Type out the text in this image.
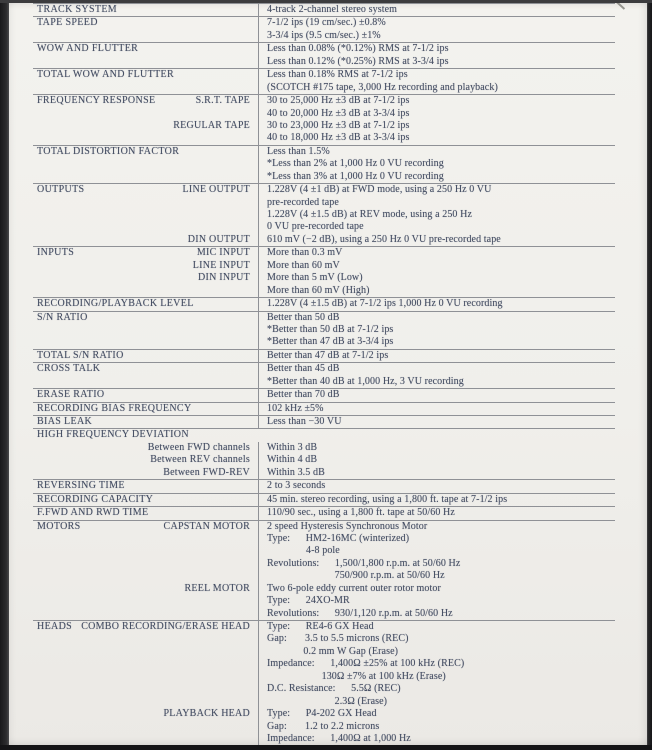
TRACK SYSTEM	4-track 2-channel stereo system
TAPE SPEED	7-1/2 ips (19 cm/sec.) ±0.8%
3-3/4 ips (9.5 cm/sec.) ±1%
WOW AND FLUTTER	Less than 0.08% (*0.12%) RMS at 7-1/2 ips
Less than 0.12% (*0.25%) RMS at 3-3/4 ips
TOTAL WOW AND FLUTTER	Less than 0.18% RMS at 7-1/2 ips
(SCOTCH #175 tape, 3,000 Hz recording and playback)
FREQUENCY RESPONSE	S.R.T. TAPE	30 to 25,000 Hz ±3 dB at 7-1/2 ips
40 to 20,000 Hz ±3 dB at 3-3/4 ips
REGULAR TAPE	30 to 23,000 Hz ±3 dB at 7-1/2 ips
40 to 18,000 Hz ±3 dB at 3-3/4 ips
TOTAL DISTORTION FACTOR	Less than 1.5%
*Less than 2% at 1,000 Hz 0 VU recording
*Less than 3% at 1,000 Hz 0 VU recording
OUTPUTS	LINE OUTPUT	1.228V (4 ±1 dB) at FWD mode, using a 250 Hz 0 VU
pre-recorded tape
1.228V (4 ±1.5 dB) at REV mode, using a 250 Hz
0 VU pre-recorded tape
DIN OUTPUT	610 mV (−2 dB), using a 250 Hz 0 VU pre-recorded tape
INPUTS	MIC INPUT	More than 0.3 mV
LINE INPUT	More than 60 mV
DIN INPUT	More than 5 mV (Low)
More than 60 mV (High)
RECORDING/PLAYBACK LEVEL	1.228V (4 ±1.5 dB) at 7-1/2 ips 1,000 Hz 0 VU recording
S/N RATIO	Better than 50 dB
*Better than 50 dB at 7-1/2 ips
*Better than 47 dB at 3-3/4 ips
TOTAL S/N RATIO	Better than 47 dB at 7-1/2 ips
CROSS TALK	Better than 45 dB
*Better than 40 dB at 1,000 Hz, 3 VU recording
ERASE RATIO	Better than 70 dB
RECORDING BIAS FREQUENCY	102 kHz ±5%
BIAS LEAK	Less than −30 VU
HIGH FREQUENCY DEVIATION
Between FWD channels	Within 3 dB
Between REV channels	Within 4 dB
Between FWD-REV	Within 3.5 dB
REVERSING TIME	2 to 3 seconds
RECORDING CAPACITY	45 min. stereo recording, using a 1,800 ft. tape at 7-1/2 ips
F.FWD AND RWD TIME	110/90 sec., using a 1,800 ft. tape at 50/60 Hz
MOTORS	CAPSTAN MOTOR	2 speed Hysteresis Synchronous Motor
Type:      HM2-16MC (winterized)
4-8 pole
Revolutions:      1,500/1,800 r.p.m. at 50/60 Hz
750/900 r.p.m. at 50/60 Hz
REEL MOTOR	Two 6-pole eddy current outer rotor motor
Type:      24XO-MR
Revolutions:      930/1,120 r.p.m. at 50/60 Hz
HEADS COMBO RECORDING/ERASE HEAD	Type:      RE4-6 GX Head
Gap:       3.5 to 5.5 microns (REC)
0.2 mm W Gap (Erase)
Impedance:      1,400Ω ±25% at 100 kHz (REC)
130Ω ±7% at 100 kHz (Erase)
D.C. Resistance:      5.5Ω (REC)
2.3Ω (Erase)
PLAYBACK HEAD	Type:      P4-202 GX Head
Gap:       1.2 to 2.2 microns
Impedance:      1,400Ω at 1,000 Hz
